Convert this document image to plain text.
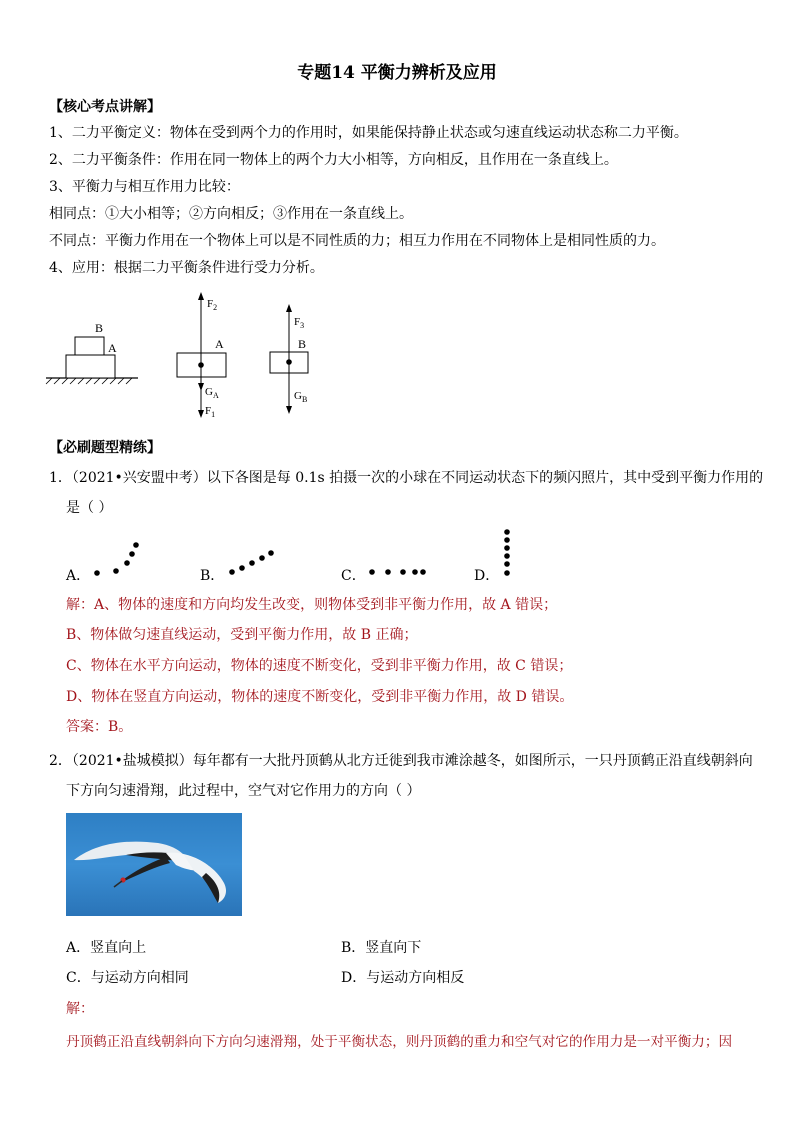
专题14 平衡力辨析及应用
【核心考点讲解】
1、二力平衡定义：物体在受到两个力的作用时，如果能保持静止状态或匀速直线运动状态称二力平衡。
2、二力平衡条件：作用在同一物体上的两个力大小相等，方向相反，且作用在一条直线上。
3、平衡力与相互作用力比较：
相同点：①大小相等；②方向相反；③作用在一条直线上。
不同点：平衡力作用在一个物体上可以是不同性质的力；相互力作用在不同物体上是相同性质的力。
4、应用：根据二力平衡条件进行受力分析。
B
A
$F_2$
A
$G_A$
$F_1$
$F_3$
B
$G_B$
【必刷题型精练】
1．（2021•兴安盟中考）以下各图是每 0.1s 拍摄一次的小球在不同运动状态下的频闪照片，其中受到平衡力作用的
是（ ）
A．	B．	C．	D．
解：A、物体的速度和方向均发生改变，则物体受到非平衡力作用，故 A 错误；
B、物体做匀速直线运动，受到平衡力作用，故 B 正确；
C、物体在水平方向运动，物体的速度不断变化，受到非平衡力作用，故 C 错误；
D、物体在竖直方向运动，物体的速度不断变化，受到非平衡力作用，故 D 错误。
答案：B。
2．（2021•盐城模拟）每年都有一大批丹顶鹤从北方迁徙到我市滩涂越冬，如图所示，一只丹顶鹤正沿直线朝斜向
下方向匀速滑翔，此过程中，空气对它作用力的方向（ ）
A．竖直向上	B．竖直向下
C．与运动方向相同	D．与运动方向相反
解：
丹顶鹤正沿直线朝斜向下方向匀速滑翔，处于平衡状态，则丹顶鹤的重力和空气对它的作用力是一对平衡力；因
